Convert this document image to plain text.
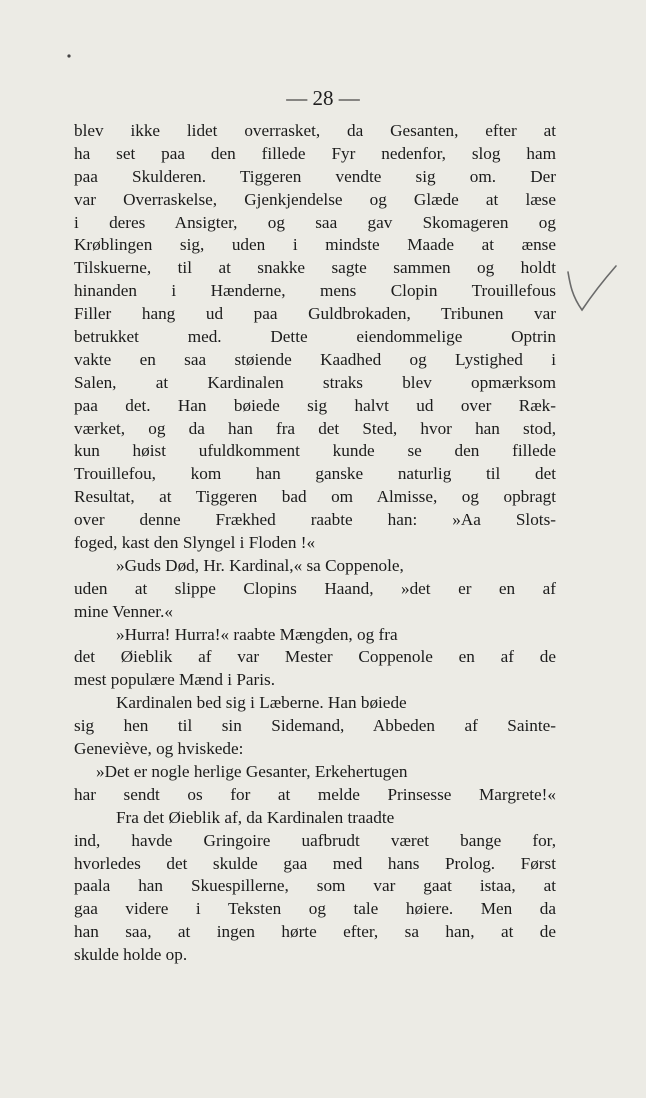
— 28 —
blev ikke lidet overrasket, da Gesanten, efter at
ha set paa den fillede Fyr nedenfor, slog ham
paa Skulderen. Tiggeren vendte sig om. Der
var Overraskelse, Gjenkjendelse og Glæde at læse
i deres Ansigter, og saa gav Skomageren og
Krøblingen sig, uden i mindste Maade at ænse
Tilskuerne, til at snakke sagte sammen og holdt
hinanden i Hænderne, mens Clopin Trouillefous
Filler hang ud paa Guldbrokaden, Tribunen var
betrukket med. Dette eiendommelige Optrin
vakte en saa støiende Kaadhed og Lystighed i
Salen, at Kardinalen straks blev opmærksom
paa det. Han bøiede sig halvt ud over Ræk-
værket, og da han fra det Sted, hvor han stod,
kun høist ufuldkomment kunde se den fillede
Trouillefou, kom han ganske naturlig til det
Resultat, at Tiggeren bad om Almisse, og opbragt
over denne Frækhed raabte han: »Aa Slots-
foged, kast den Slyngel i Floden !«
»Guds Død, Hr. Kardinal,« sa Coppenole,
uden at slippe Clopins Haand, »det er en af
mine Venner.«
»Hurra! Hurra!« raabte Mængden, og fra
det Øieblik af var Mester Coppenole en af de
mest populære Mænd i Paris.
Kardinalen bed sig i Læberne. Han bøiede
sig hen til sin Sidemand, Abbeden af Sainte-
Geneviève, og hviskede:
»Det er nogle herlige Gesanter, Erkehertugen
har sendt os for at melde Prinsesse Margrete!«
Fra det Øieblik af, da Kardinalen traadte
ind, havde Gringoire uafbrudt været bange for,
hvorledes det skulde gaa med hans Prolog. Først
paala han Skuespillerne, som var gaat istaa, at
gaa videre i Teksten og tale høiere. Men da
han saa, at ingen hørte efter, sa han, at de
skulde holde op.
